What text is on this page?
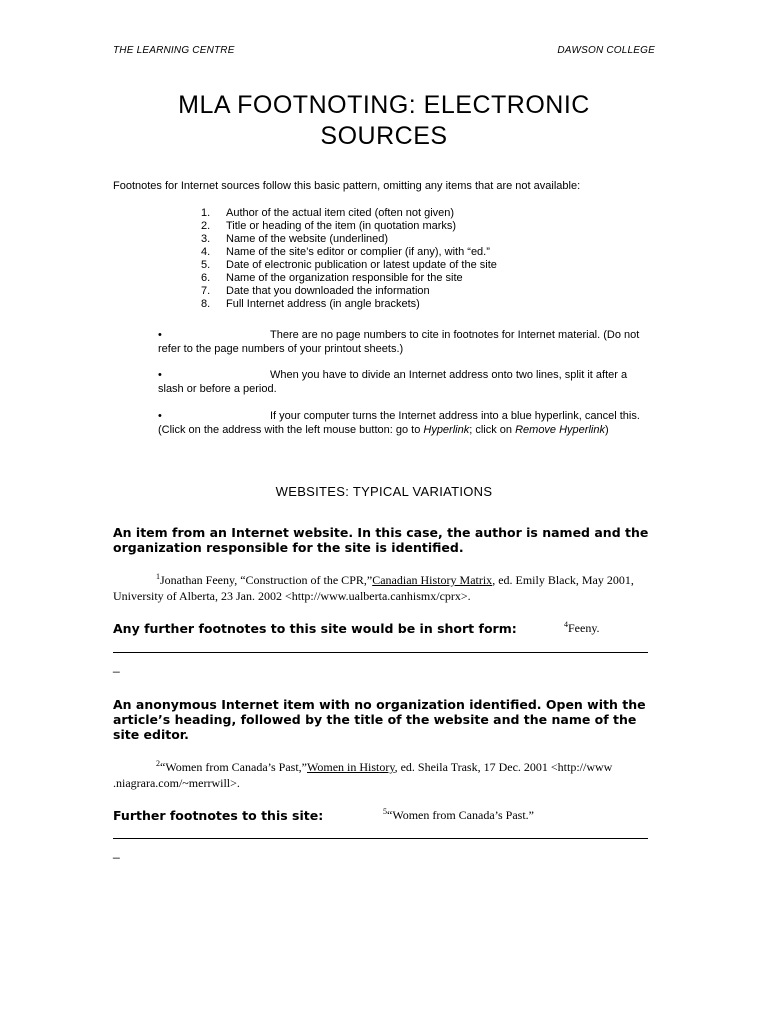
THE LEARNING CENTRE	DAWSON COLLEGE
MLA FOOTNOTING: ELECTRONIC
SOURCES
Footnotes for Internet sources follow this basic pattern, omitting any items that are not available:
1.	Author of the actual item cited (often not given)
2.	Title or heading of the item (in quotation marks)
3.	Name of the website (underlined)
4.	Name of the site’s editor or complier (if any), with “ed.”
5.	Date of electronic publication or latest update of the site
6.	Name of the organization responsible for the site
7.	Date that you downloaded the information
8.	Full Internet address (in angle brackets)
•	There are no page numbers to cite in footnotes for Internet material. (Do not refer to the page numbers of your printout sheets.)
•	When you have to divide an Internet address onto two lines, split it after a slash or before a period.
•	If your computer turns the Internet address into a blue hyperlink, cancel this. (Click on the address with the left mouse button: go to Hyperlink; click on Remove Hyperlink)
WEBSITES: TYPICAL VARIATIONS
An item from an Internet website. In this case, the author is named and the organization responsible for the site is identified.
$^1$Jonathan Feeny, “Construction of the CPR,”Canadian History Matrix, ed. Emily Black, May 2001, University of Alberta, 23 Jan. 2002 <http://www.ualberta.canhismx/cprx>.
Any further footnotes to this site would be in short form:	$^4$Feeny.
_
An anonymous Internet item with no organization identified. Open with the article’s heading, followed by the title of the website and the name of the site editor.
$^2$“Women from Canada’s Past,”Women in History, ed. Sheila Trask, 17 Dec. 2001 <http://www .niagrara.com/~merrwill>.
Further footnotes to this site:	$^5$“Women from Canada’s Past.”
_
